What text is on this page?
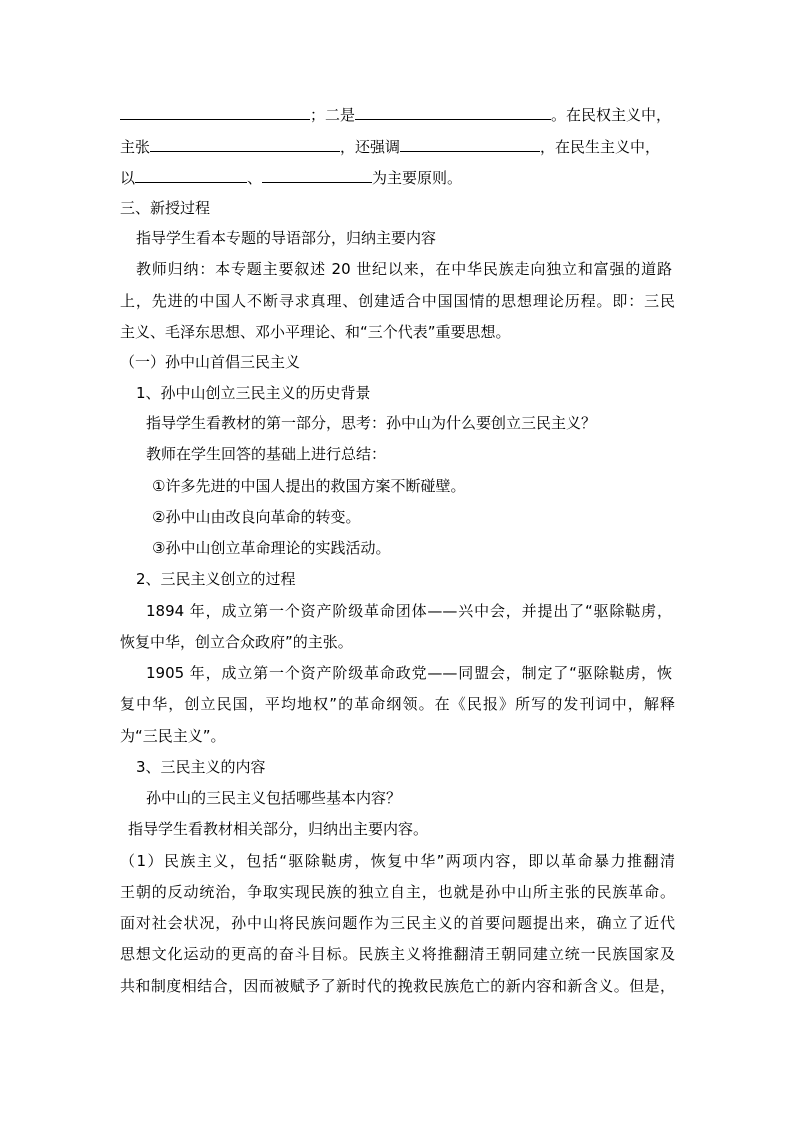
；二是	。在民权主义中，
主张	，还强调	，在民生主义中，
以	、	为主要原则。
三、新授过程
指导学生看本专题的导语部分，归纳主要内容
教师归纳：本专题主要叙述 20 世纪以来，在中华民族走向独立和富强的道路
上，先进的中国人不断寻求真理、创建适合中国国情的思想理论历程。即：三民
主义、毛泽东思想、邓小平理论、和“三个代表”重要思想。
（一）孙中山首倡三民主义
1、孙中山创立三民主义的历史背景
指导学生看教材的第一部分，思考：孙中山为什么要创立三民主义？
教师在学生回答的基础上进行总结：
①许多先进的中国人提出的救国方案不断碰壁。
②孙中山由改良向革命的转变。
③孙中山创立革命理论的实践活动。
2、三民主义创立的过程
1894 年，成立第一个资产阶级革命团体——兴中会，并提出了“驱除鞑虏，
恢复中华，创立合众政府”的主张。
1905 年，成立第一个资产阶级革命政党——同盟会，制定了“驱除鞑虏，恢
复中华，创立民国，平均地权”的革命纲领。在《民报》所写的发刊词中，解释
为“三民主义”。
3、三民主义的内容
孙中山的三民主义包括哪些基本内容？
指导学生看教材相关部分，归纳出主要内容。
（1）民族主义，包括“驱除鞑虏，恢复中华”两项内容，即以革命暴力推翻清
王朝的反动统治，争取实现民族的独立自主，也就是孙中山所主张的民族革命。
面对社会状况，孙中山将民族问题作为三民主义的首要问题提出来，确立了近代
思想文化运动的更高的奋斗目标。民族主义将推翻清王朝同建立统一民族国家及
共和制度相结合，因而被赋予了新时代的挽救民族危亡的新内容和新含义。但是，
